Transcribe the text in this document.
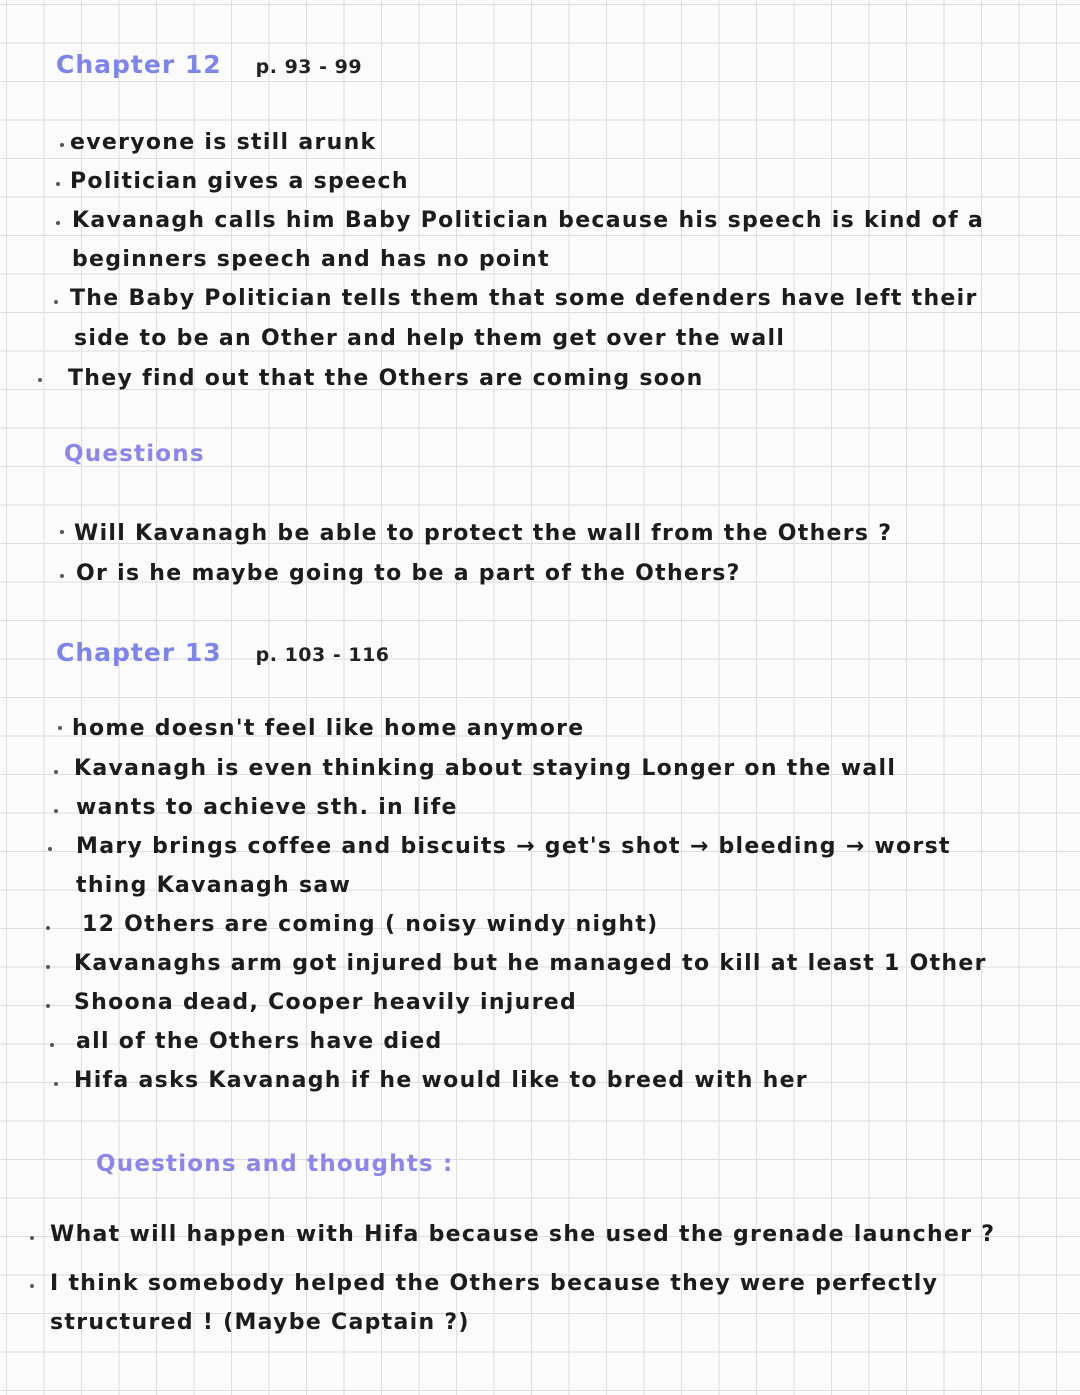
Chapter 12 p. 93 - 99
everyone is still arunk
Politician gives a speech
Kavanagh calls him Baby Politician because his speech is kind of a
beginners speech and has no point
The Baby Politician tells them that some defenders have left their
side to be an Other and help them get over the wall
They find out that the Others are coming soon
Questions
Will Kavanagh be able to protect the wall from the Others ?
Or is he maybe going to be a part of the Others?
Chapter 13 p. 103 - 116
home doesn't feel like home anymore
Kavanagh is even thinking about staying Longer on the wall
wants to achieve sth. in life
Mary brings coffee and biscuits → get's shot → bleeding → worst
thing Kavanagh saw
12 Others are coming ( noisy windy night)
Kavanaghs arm got injured but he managed to kill at least 1 Other
Shoona dead, Cooper heavily injured
all of the Others have died
Hifa asks Kavanagh if he would like to breed with her
Questions and thoughts :
What will happen with Hifa because she used the grenade launcher ?
I think somebody helped the Others because they were perfectly
structured ! (Maybe Captain ?)
